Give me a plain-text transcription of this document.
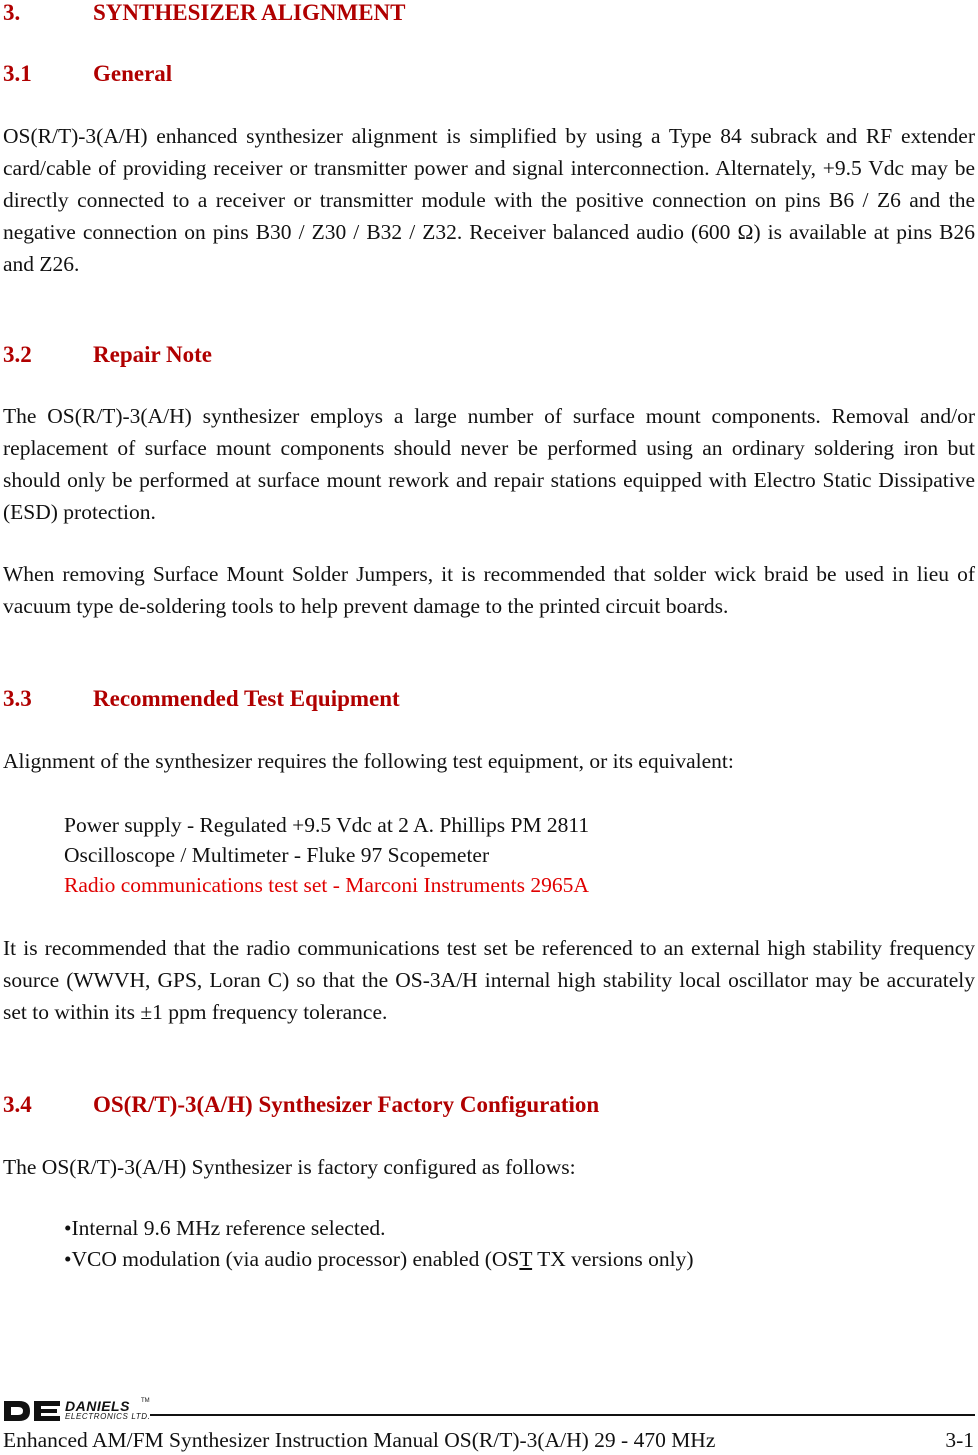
3.	SYNTHESIZER ALIGNMENT
3.1	General
OS(R/T)-3(A/H) enhanced synthesizer alignment is simplified by using a Type 84 subrack and RF extender card/cable of providing receiver or transmitter power and signal interconnection. Alternately, +9.5 Vdc may be directly connected to a receiver or transmitter module with the positive connection on pins B6 / Z6 and the negative connection on pins B30 / Z30 / B32 / Z32. Receiver balanced audio (600 Ω) is available at pins B26 and Z26.
3.2	Repair Note
The OS(R/T)-3(A/H) synthesizer employs a large number of surface mount components. Removal and/or replacement of surface mount components should never be performed using an ordinary soldering iron but should only be performed at surface mount rework and repair stations equipped with Electro Static Dissipative (ESD) protection.
When removing Surface Mount Solder Jumpers, it is recommended that solder wick braid be used in lieu of vacuum type de-soldering tools to help prevent damage to the printed circuit boards.
3.3	Recommended Test Equipment
Alignment of the synthesizer requires the following test equipment, or its equivalent:
Power supply - Regulated +9.5 Vdc at 2 A. Phillips PM 2811
Oscilloscope / Multimeter - Fluke 97 Scopemeter
Radio communications test set - Marconi Instruments 2965A
It is recommended that the radio communications test set be referenced to an external high stability frequency source (WWVH, GPS, Loran C) so that the OS-3A/H internal high stability local oscillator may be accurately set to within its ±1 ppm frequency tolerance.
3.4	OS(R/T)-3(A/H) Synthesizer Factory Configuration
The OS(R/T)-3(A/H) Synthesizer is factory configured as follows:
•Internal 9.6 MHz reference selected.
•VCO modulation (via audio processor) enabled (OST TX versions only)
DANIELS TM
ELECTRONICS LTD.
Enhanced AM/FM Synthesizer Instruction Manual OS(R/T)-3(A/H) 29 - 470 MHz	3-1
